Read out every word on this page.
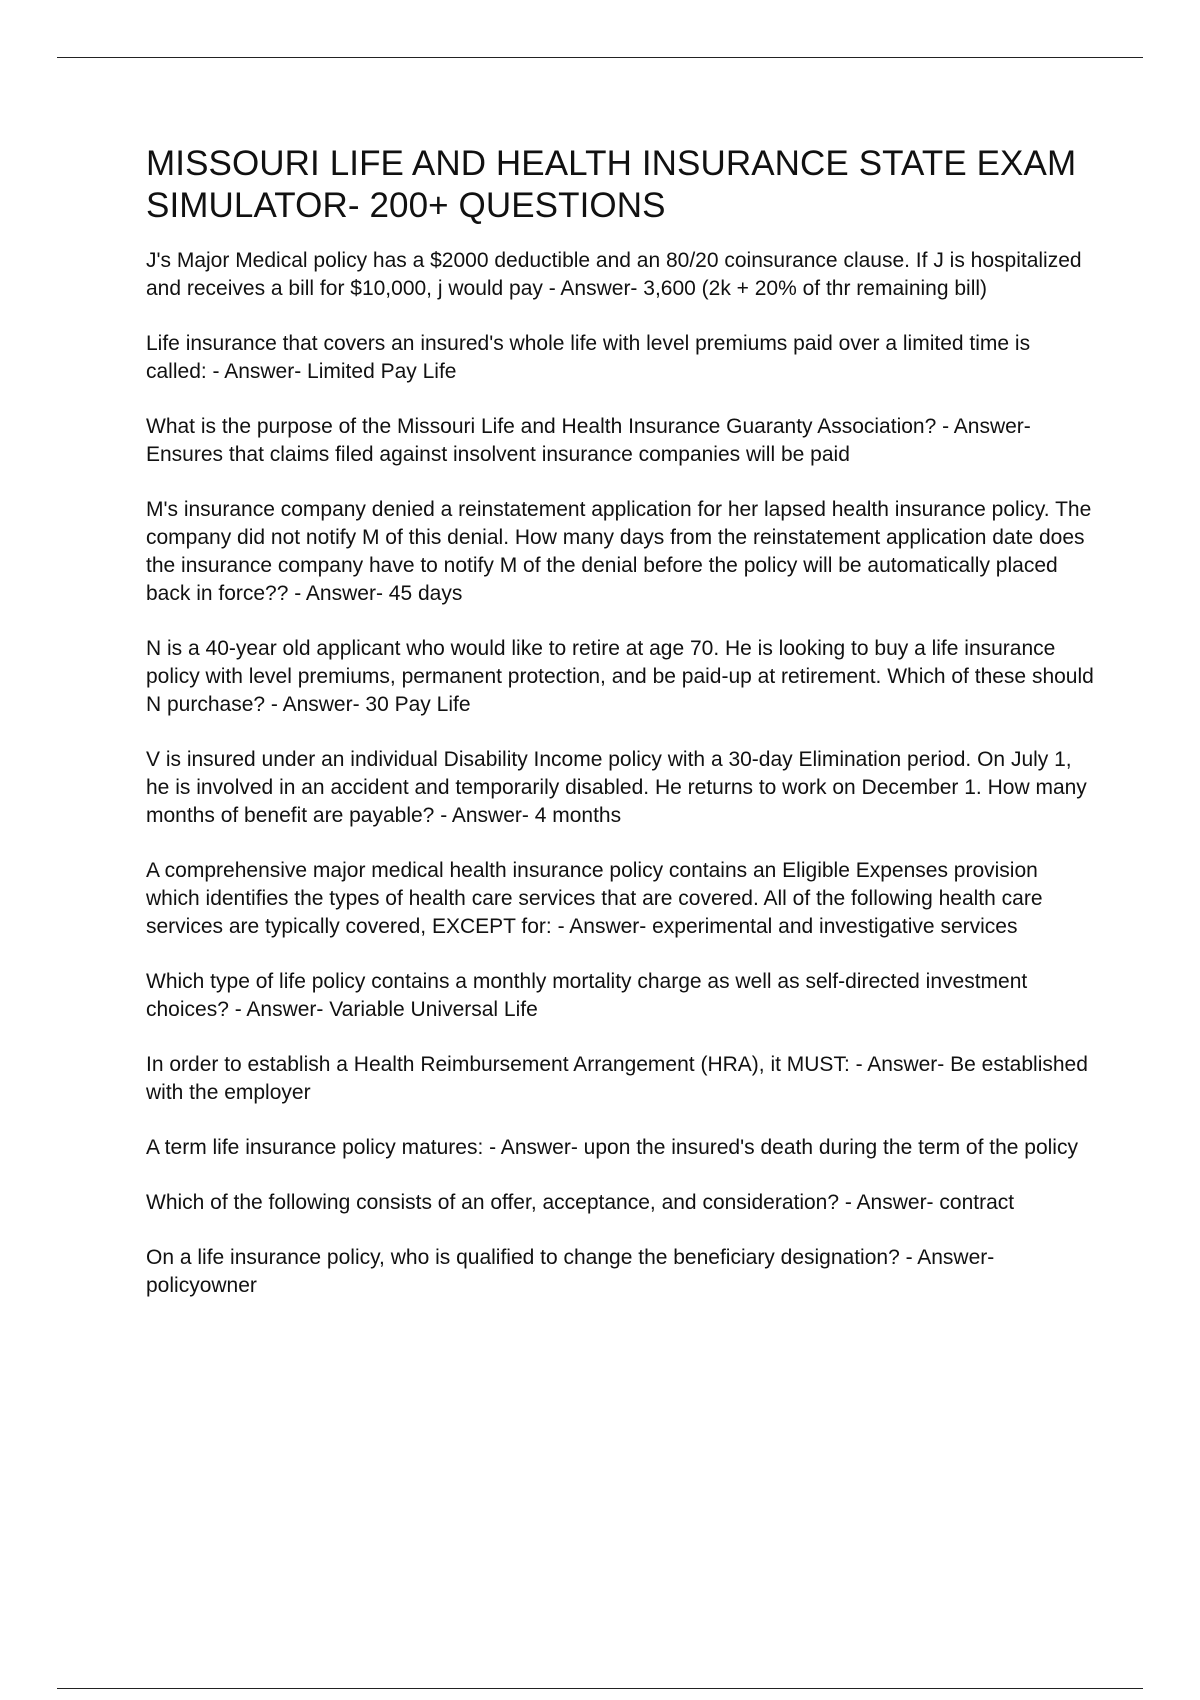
MISSOURI LIFE AND HEALTH INSURANCE STATE EXAM SIMULATOR- 200+ QUESTIONS
J's Major Medical policy has a $2000 deductible and an 80/20 coinsurance clause. If J is hospitalized and receives a bill for $10,000, j would pay - Answer- 3,600 (2k + 20% of thr remaining bill)
Life insurance that covers an insured's whole life with level premiums paid over a limited time is called: - Answer- Limited Pay Life
What is the purpose of the Missouri Life and Health Insurance Guaranty Association? - Answer- Ensures that claims filed against insolvent insurance companies will be paid
M's insurance company denied a reinstatement application for her lapsed health insurance policy. The company did not notify M of this denial. How many days from the reinstatement application date does the insurance company have to notify M of the denial before the policy will be automatically placed back in force?? - Answer- 45 days
N is a 40-year old applicant who would like to retire at age 70. He is looking to buy a life insurance policy with level premiums, permanent protection, and be paid-up at retirement. Which of these should N purchase? - Answer- 30 Pay Life
V is insured under an individual Disability Income policy with a 30-day Elimination period. On July 1, he is involved in an accident and temporarily disabled. He returns to work on December 1. How many months of benefit are payable? - Answer- 4 months
A comprehensive major medical health insurance policy contains an Eligible Expenses provision which identifies the types of health care services that are covered. All of the following health care services are typically covered, EXCEPT for: - Answer- experimental and investigative services
Which type of life policy contains a monthly mortality charge as well as self-directed investment choices? - Answer- Variable Universal Life
In order to establish a Health Reimbursement Arrangement (HRA), it MUST: - Answer- Be established with the employer
A term life insurance policy matures: - Answer- upon the insured's death during the term of the policy
Which of the following consists of an offer, acceptance, and consideration? - Answer- contract
On a life insurance policy, who is qualified to change the beneficiary designation? - Answer- policyowner
